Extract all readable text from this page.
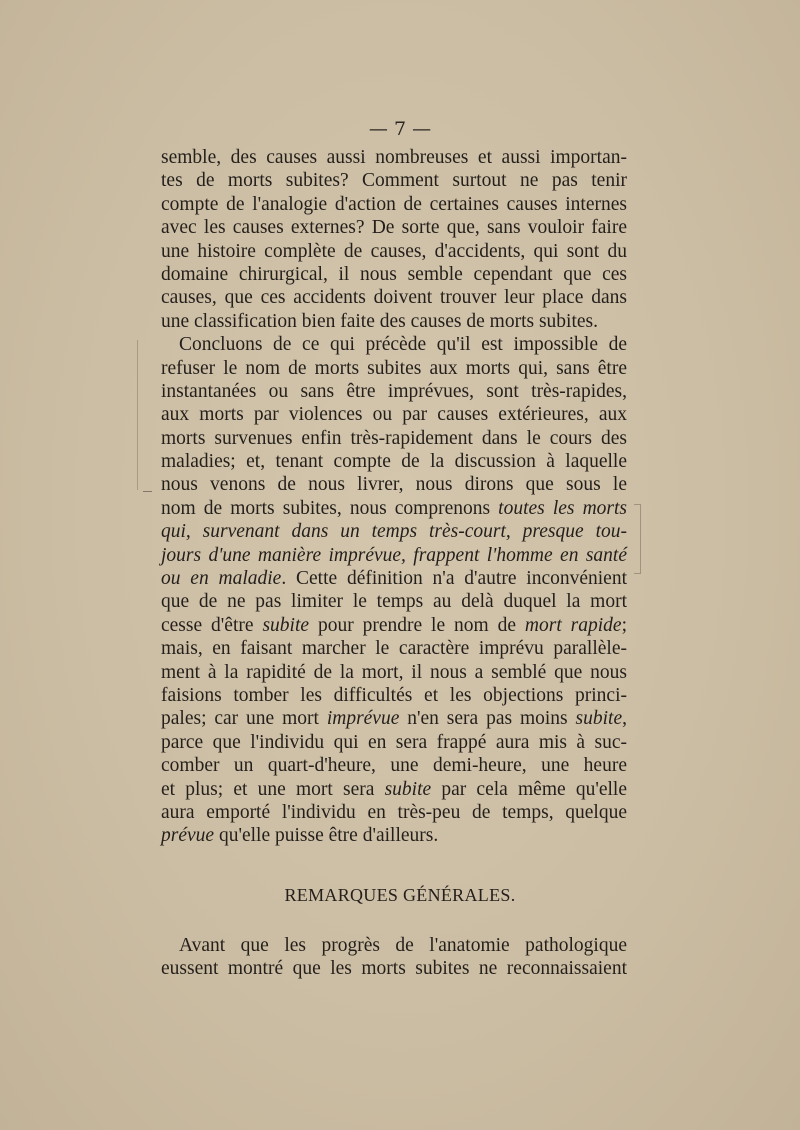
— 7 —
semble, des causes aussi nombreuses et aussi importan-
tes de morts subites? Comment surtout ne pas tenir
compte de l'analogie d'action de certaines causes internes
avec les causes externes? De sorte que, sans vouloir faire
une histoire complète de causes, d'accidents, qui sont du
domaine chirurgical, il nous semble cependant que ces
causes, que ces accidents doivent trouver leur place dans
une classification bien faite des causes de morts subites.
Concluons de ce qui précède qu'il est impossible de
refuser le nom de morts subites aux morts qui, sans être
instantanées ou sans être imprévues, sont très-rapides,
aux morts par violences ou par causes extérieures, aux
morts survenues enfin très-rapidement dans le cours des
maladies; et, tenant compte de la discussion à laquelle
nous venons de nous livrer, nous dirons que sous le
nom de morts subites, nous comprenons toutes les morts
qui, survenant dans un temps très-court, presque tou-
jours d'une manière imprévue, frappent l'homme en santé
ou en maladie. Cette définition n'a d'autre inconvénient
que de ne pas limiter le temps au delà duquel la mort
cesse d'être subite pour prendre le nom de mort rapide;
mais, en faisant marcher le caractère imprévu parallèle-
ment à la rapidité de la mort, il nous a semblé que nous
faisions tomber les difficultés et les objections princi-
pales; car une mort imprévue n'en sera pas moins subite,
parce que l'individu qui en sera frappé aura mis à suc-
comber un quart-d'heure, une demi-heure, une heure
et plus; et une mort sera subite par cela même qu'elle
aura emporté l'individu en très-peu de temps, quelque
prévue qu'elle puisse être d'ailleurs.
REMARQUES GÉNÉRALES.
Avant que les progrès de l'anatomie pathologique
eussent montré que les morts subites ne reconnaissaient
